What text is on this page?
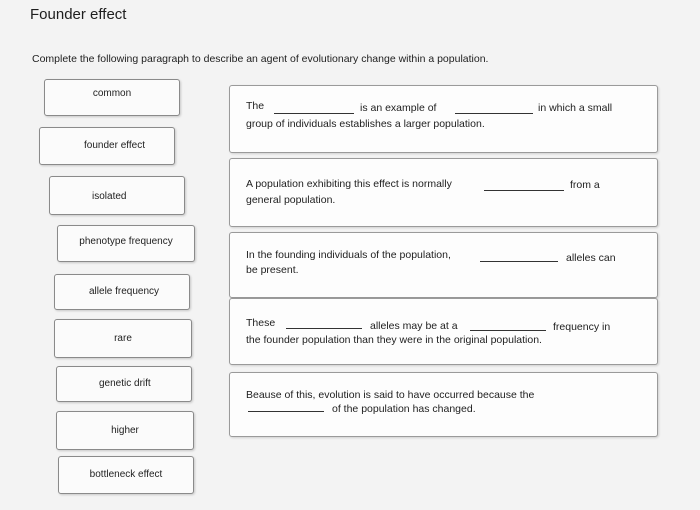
Founder effect
Complete the following paragraph to describe an agent of evolutionary change within a population.
common
founder effect
isolated
phenotype frequency
allele frequency
rare
genetic drift
higher
bottleneck effect
The	is an example of	in which a small
group of individuals establishes a larger population.
A population exhibiting this effect is normally	from a
general population.
In the founding individuals of the population,	alleles can
be present.
These	alleles may be at a	frequency in
the founder population than they were in the original population.
Beause of this, evolution is said to have occurred because the
of the population has changed.
